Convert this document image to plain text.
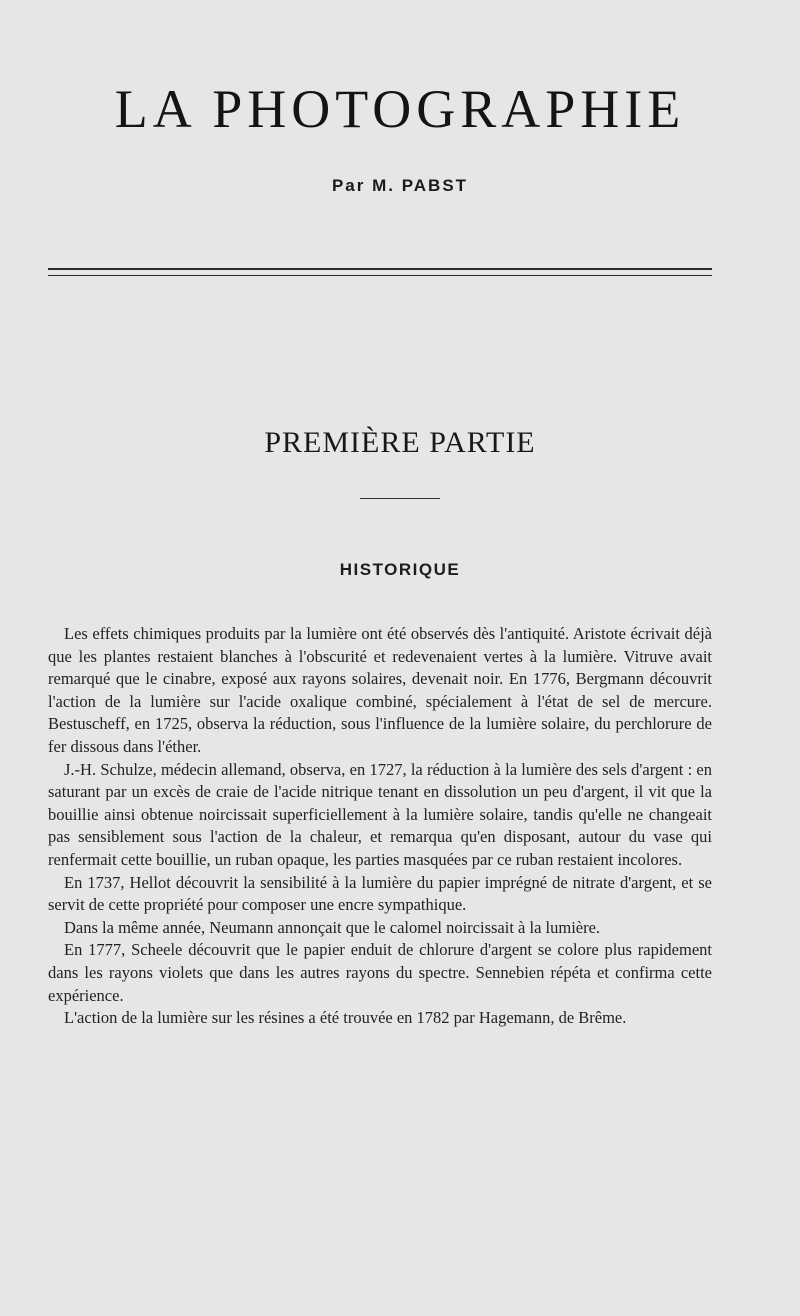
LA PHOTOGRAPHIE
Par M. PABST
PREMIÈRE PARTIE
HISTORIQUE

Les effets chimiques produits par la lumière ont été observés dès l'antiquité. Aristote écrivait déjà que les plantes restaient blanches à l'obscurité et redevenaient vertes à la lumière. Vitruve avait remarqué que le cinabre, exposé aux rayons solaires, devenait noir. En 1776, Bergmann découvrit l'action de la lumière sur l'acide oxalique combiné, spécialement à l'état de sel de mercure. Bestuscheff, en 1725, observa la réduction, sous l'influence de la lumière solaire, du perchlorure de fer dissous dans l'éther.

J.-H. Schulze, médecin allemand, observa, en 1727, la réduction à la lumière des sels d'argent : en saturant par un excès de craie de l'acide nitrique tenant en dissolution un peu d'argent, il vit que la bouillie ainsi obtenue noircissait superficiellement à la lumière solaire, tandis qu'elle ne changeait pas sensiblement sous l'action de la chaleur, et remarqua qu'en disposant, autour du vase qui renfermait cette bouillie, un ruban opaque, les parties masquées par ce ruban restaient incolores.

En 1737, Hellot découvrit la sensibilité à la lumière du papier imprégné de nitrate d'argent, et se servit de cette propriété pour composer une encre sympathique.

Dans la même année, Neumann annonçait que le calomel noircissait à la lumière.

En 1777, Scheele découvrit que le papier enduit de chlorure d'argent se colore plus rapidement dans les rayons violets que dans les autres rayons du spectre. Sennebien répéta et confirma cette expérience.

L'action de la lumière sur les résines a été trouvée en 1782 par Hagemann, de Brême.
